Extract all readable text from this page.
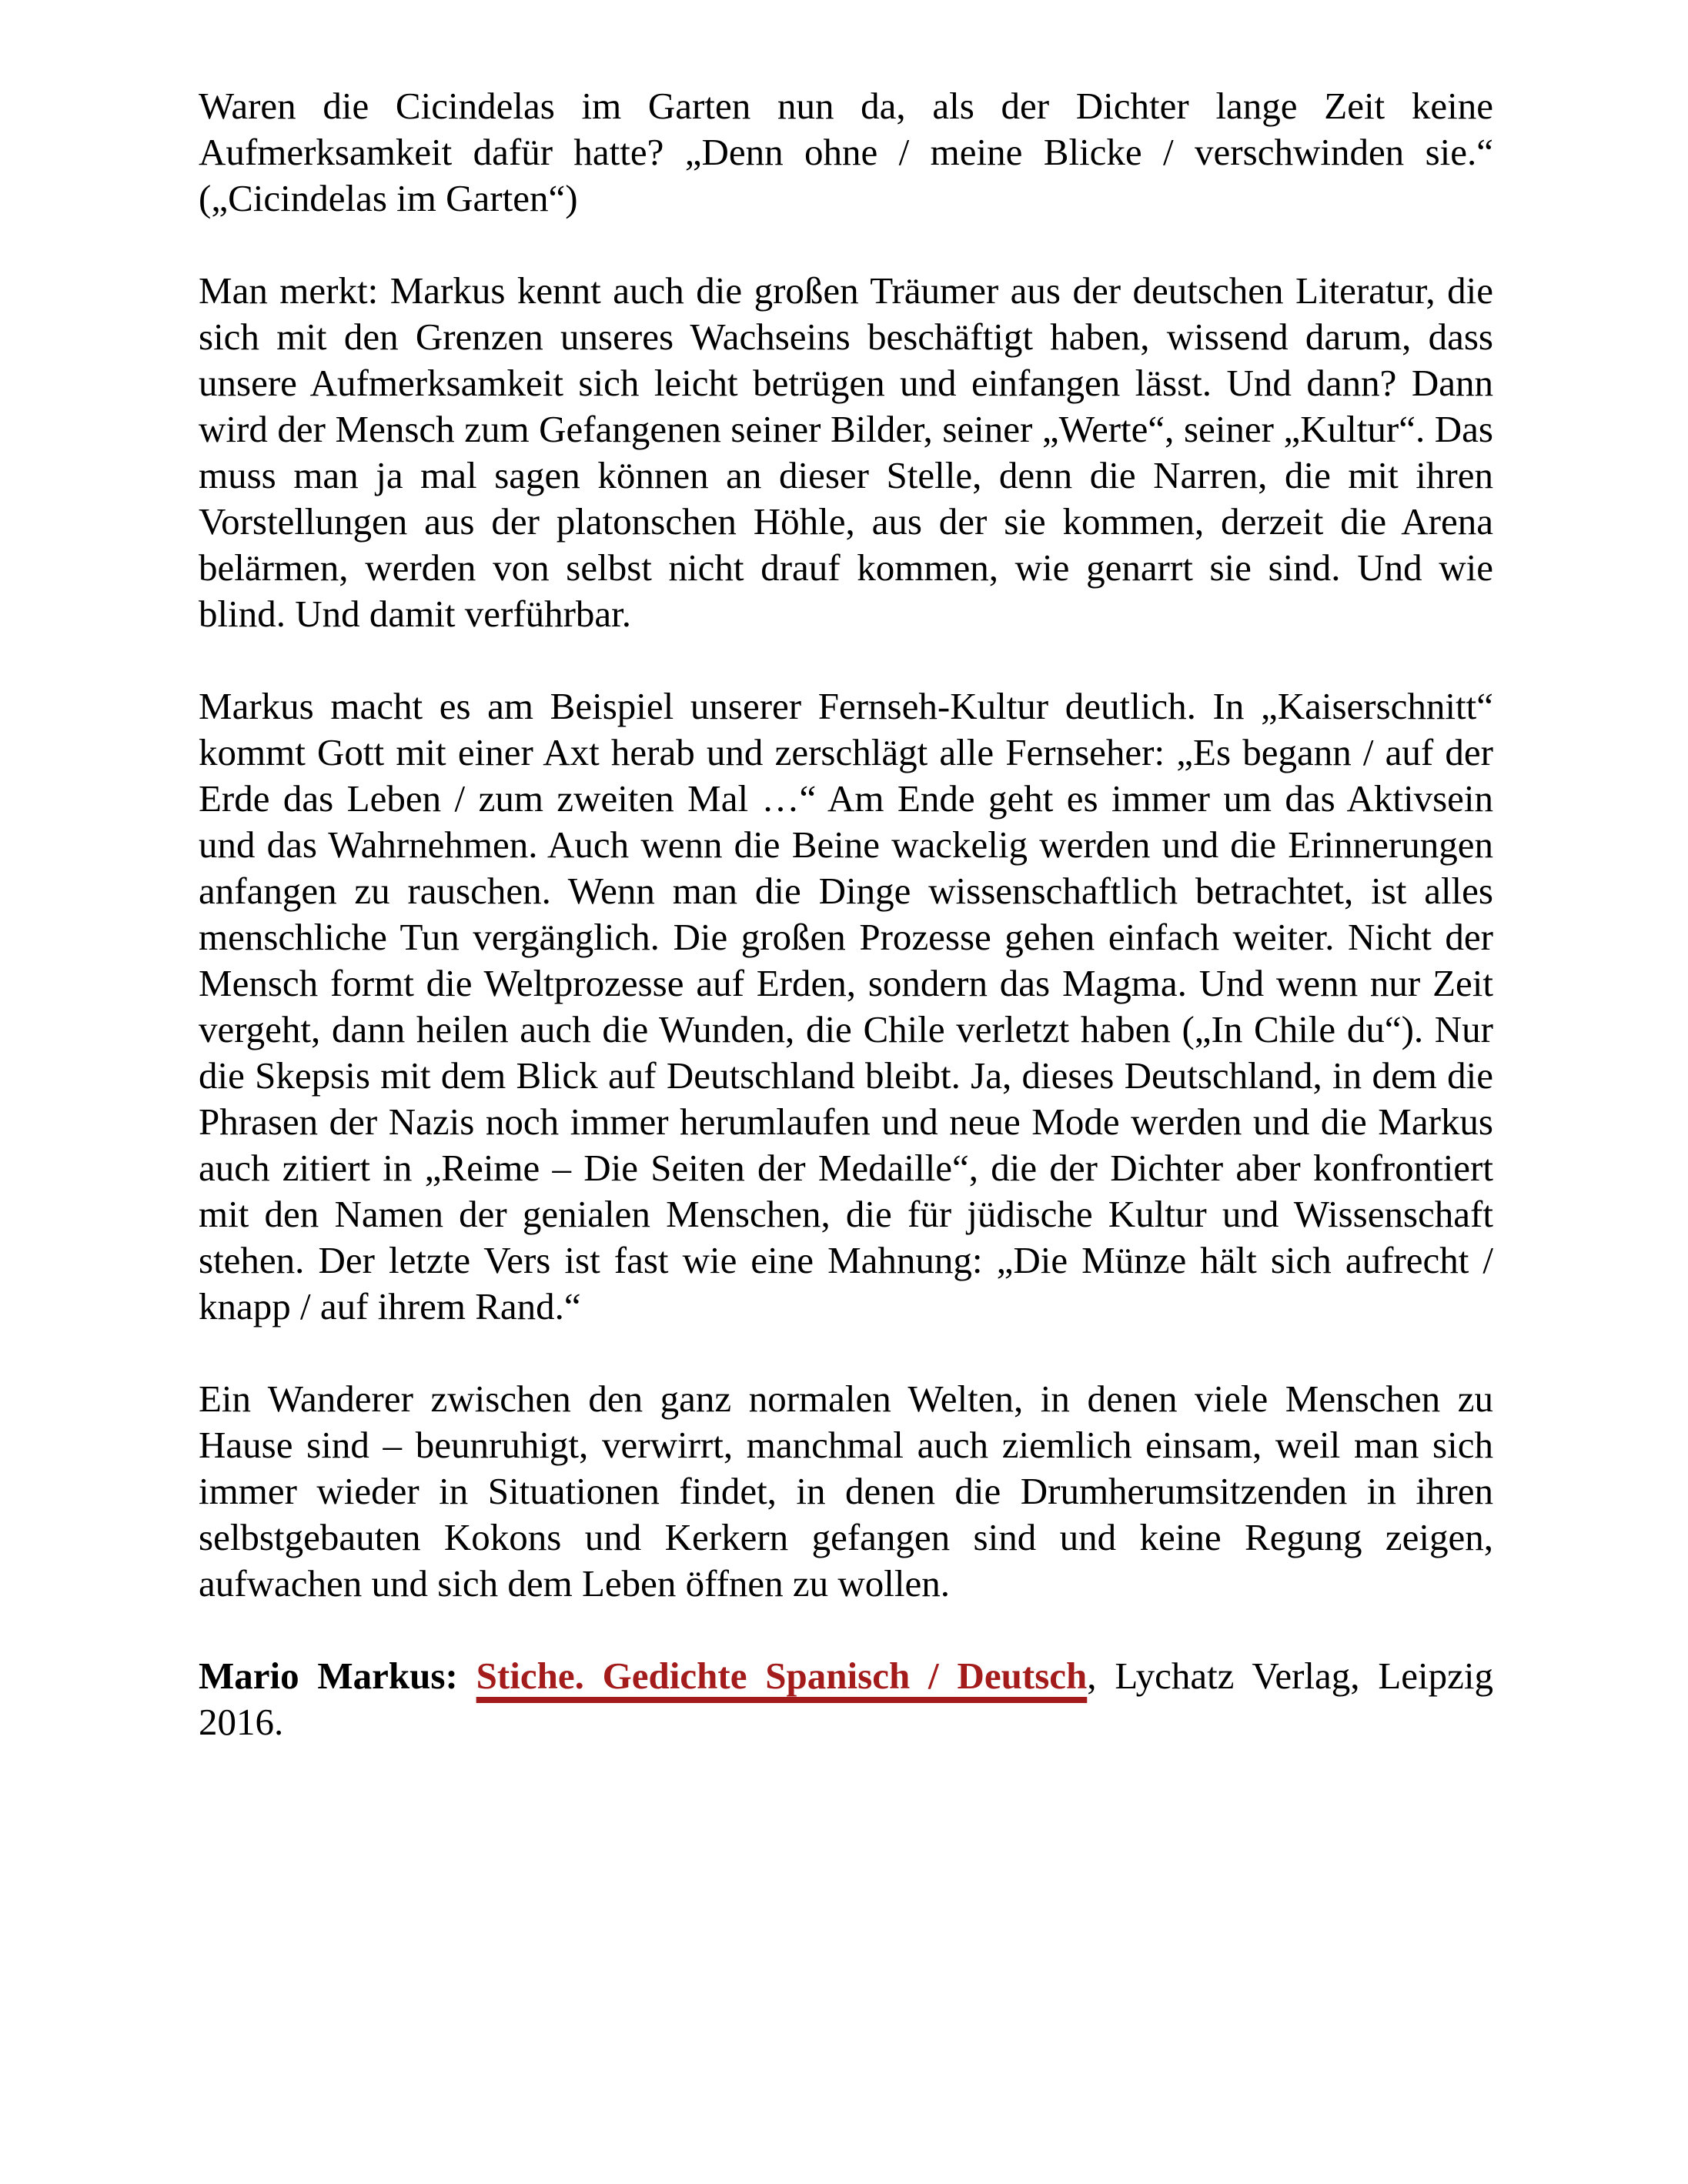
Waren die Cicindelas im Garten nun da, als der Dichter lange Zeit keine Aufmerksamkeit dafür hatte? „Denn ohne / meine Blicke / verschwinden sie.“ („Cicindelas im Garten“)

Man merkt: Markus kennt auch die großen Träumer aus der deutschen Literatur, die sich mit den Grenzen unseres Wachseins beschäftigt haben, wissend darum, dass unsere Aufmerksamkeit sich leicht betrügen und einfangen lässt. Und dann? Dann wird der Mensch zum Gefangenen seiner Bilder, seiner „Werte“, seiner „Kultur“. Das muss man ja mal sagen können an dieser Stelle, denn die Narren, die mit ihren Vorstellungen aus der platonschen Höhle, aus der sie kommen, derzeit die Arena belärmen, werden von selbst nicht drauf kommen, wie genarrt sie sind. Und wie blind. Und damit verführbar.

Markus macht es am Beispiel unserer Fernseh-Kultur deutlich. In „Kaiserschnitt“ kommt Gott mit einer Axt herab und zerschlägt alle Fernseher: „Es begann / auf der Erde das Leben / zum zweiten Mal …“ Am Ende geht es immer um das Aktivsein und das Wahrnehmen. Auch wenn die Beine wackelig werden und die Erinnerungen anfangen zu rauschen. Wenn man die Dinge wissenschaftlich betrachtet, ist alles menschliche Tun vergänglich. Die großen Prozesse gehen einfach weiter. Nicht der Mensch formt die Weltprozesse auf Erden, sondern das Magma. Und wenn nur Zeit vergeht, dann heilen auch die Wunden, die Chile verletzt haben („In Chile du“). Nur die Skepsis mit dem Blick auf Deutschland bleibt. Ja, dieses Deutschland, in dem die Phrasen der Nazis noch immer herumlaufen und neue Mode werden und die Markus auch zitiert in „Reime – Die Seiten der Medaille“, die der Dichter aber konfrontiert mit den Namen der genialen Menschen, die für jüdische Kultur und Wissenschaft stehen. Der letzte Vers ist fast wie eine Mahnung: „Die Münze hält sich aufrecht / knapp / auf ihrem Rand.“

Ein Wanderer zwischen den ganz normalen Welten, in denen viele Menschen zu Hause sind – beunruhigt, verwirrt, manchmal auch ziemlich einsam, weil man sich immer wieder in Situationen findet, in denen die Drumherumsitzenden in ihren selbstgebauten Kokons und Kerkern gefangen sind und keine Regung zeigen, aufwachen und sich dem Leben öffnen zu wollen.

Mario Markus: Stiche. Gedichte Spanisch / Deutsch, Lychatz Verlag, Leipzig 2016.
